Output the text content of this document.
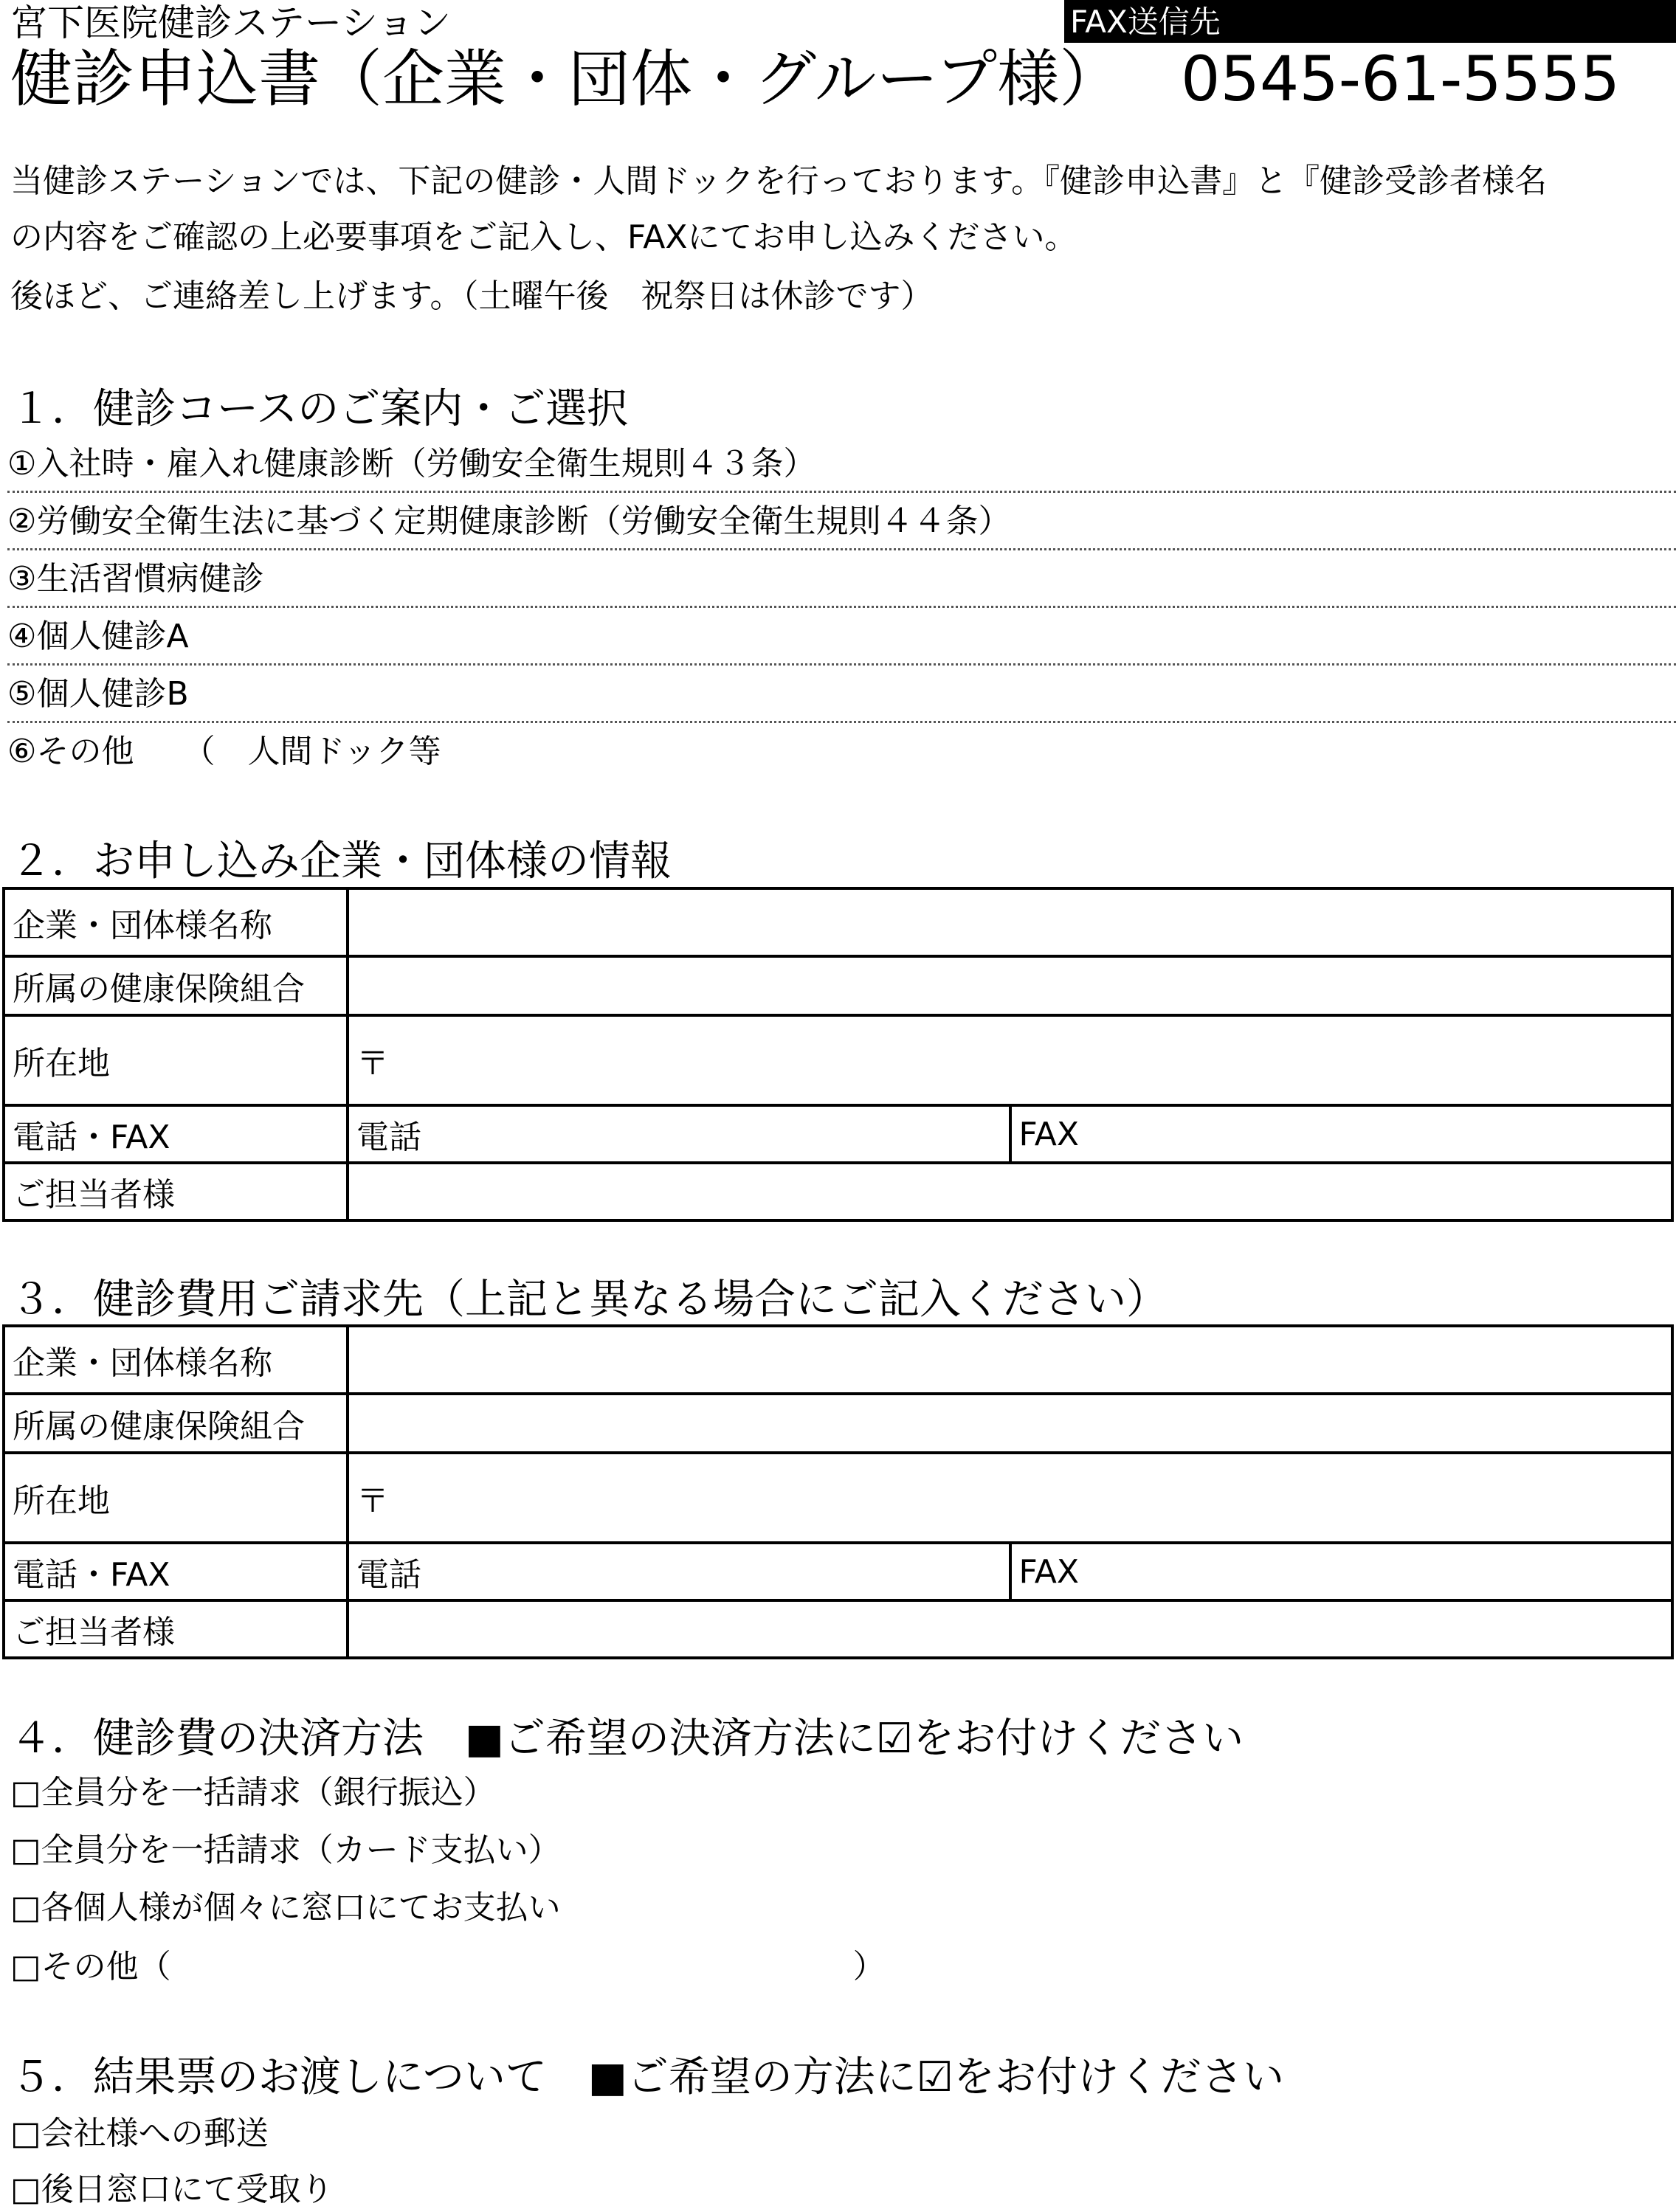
宮下医院健診ステーション	FAX送信先
健診申込書（企業・団体・グループ様） 0545-61-5555
当健診ステーションでは、下記の健診・人間ドックを行っております。『健診申込書』と『健診受診者様名
の内容をご確認の上必要事項をご記入し、FAXにてお申し込みください。
後ほど、ご連絡差し上げます。（土曜午後　祝祭日は休診です）
１．健診コースのご案内・ご選択
①入社時・雇入れ健康診断（労働安全衛生規則４３条）
②労働安全衛生法に基づく定期健康診断（労働安全衛生規則４４条）
③生活習慣病健診
④個人健診A
⑤個人健診B
⑥その他　　（　人間ドック等
２．お申し込み企業・団体様の情報
企業・団体様名称		
所属の健康保険組合		
所在地	〒	
電話・FAX	電話	FAX
ご担当者様		
３．健診費用ご請求先（上記と異なる場合にご記入ください）
企業・団体様名称		
所属の健康保険組合		
所在地	〒	
電話・FAX	電話	FAX
ご担当者様		
４．健診費の決済方法　■ご希望の決済方法に☑をお付けください
□全員分を一括請求（銀行振込）
□全員分を一括請求（カード支払い）
□各個人様が個々に窓口にてお支払い
□その他（　　　　　　　　　　　　　　　　　　　　　）
５．結果票のお渡しについて　■ご希望の方法に☑をお付けください
□会社様への郵送
□後日窓口にて受取り
